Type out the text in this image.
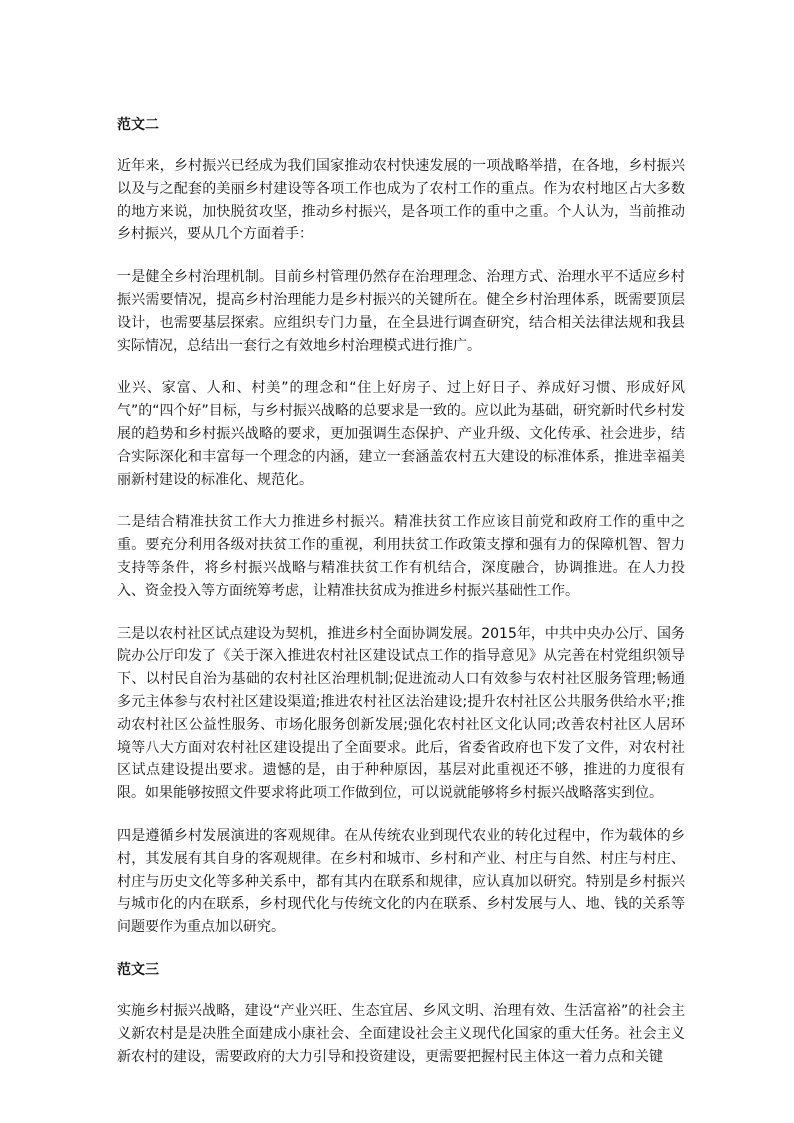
范文二

近年来，乡村振兴已经成为我们国家推动农村快速发展的一项战略举措，在各地，乡村振兴以及与之配套的美丽乡村建设等各项工作也成为了农村工作的重点。作为农村地区占大多数的地方来说，加快脱贫攻坚，推动乡村振兴，是各项工作的重中之重。个人认为，当前推动乡村振兴，要从几个方面着手：

一是健全乡村治理机制。目前乡村管理仍然存在治理理念、治理方式、治理水平不适应乡村振兴需要情况，提高乡村治理能力是乡村振兴的关键所在。健全乡村治理体系，既需要顶层设计，也需要基层探索。应组织专门力量，在全县进行调查研究，结合相关法律法规和我县实际情况，总结出一套行之有效地乡村治理模式进行推广。

业兴、家富、人和、村美”的理念和“住上好房子、过上好日子、养成好习惯、形成好风气”的“四个好”目标，与乡村振兴战略的总要求是一致的。应以此为基础，研究新时代乡村发展的趋势和乡村振兴战略的要求，更加强调生态保护、产业升级、文化传承、社会进步，结合实际深化和丰富每一个理念的内涵，建立一套涵盖农村五大建设的标准体系，推进幸福美丽新村建设的标准化、规范化。

二是结合精准扶贫工作大力推进乡村振兴。精准扶贫工作应该目前党和政府工作的重中之重。要充分利用各级对扶贫工作的重视，利用扶贫工作政策支撑和强有力的保障机智、智力支持等条件，将乡村振兴战略与精准扶贫工作有机结合，深度融合，协调推进。在人力投入、资金投入等方面统筹考虑，让精准扶贫成为推进乡村振兴基础性工作。

三是以农村社区试点建设为契机，推进乡村全面协调发展。2015年，中共中央办公厅、国务院办公厅印发了《关于深入推进农村社区建设试点工作的指导意见》从完善在村党组织领导下、以村民自治为基础的农村社区治理机制;促进流动人口有效参与农村社区服务管理;畅通多元主体参与农村社区建设渠道;推进农村社区法治建设;提升农村社区公共服务供给水平;推动农村社区公益性服务、市场化服务创新发展;强化农村社区文化认同;改善农村社区人居环境等八大方面对农村社区建设提出了全面要求。此后，省委省政府也下发了文件，对农村社区试点建设提出要求。遗憾的是，由于种种原因，基层对此重视还不够，推进的力度很有限。如果能够按照文件要求将此项工作做到位，可以说就能够将乡村振兴战略落实到位。

四是遵循乡村发展演进的客观规律。在从传统农业到现代农业的转化过程中，作为载体的乡村，其发展有其自身的客观规律。在乡村和城市、乡村和产业、村庄与自然、村庄与村庄、村庄与历史文化等多种关系中，都有其内在联系和规律，应认真加以研究。特别是乡村振兴与城市化的内在联系，乡村现代化与传统文化的内在联系、乡村发展与人、地、钱的关系等问题要作为重点加以研究。

范文三

实施乡村振兴战略，建设“产业兴旺、生态宜居、乡风文明、治理有效、生活富裕”的社会主义新农村是是决胜全面建成小康社会、全面建设社会主义现代化国家的重大任务。社会主义新农村的建设，需要政府的大力引导和投资建设，更需要把握村民主体这一着力点和关键
